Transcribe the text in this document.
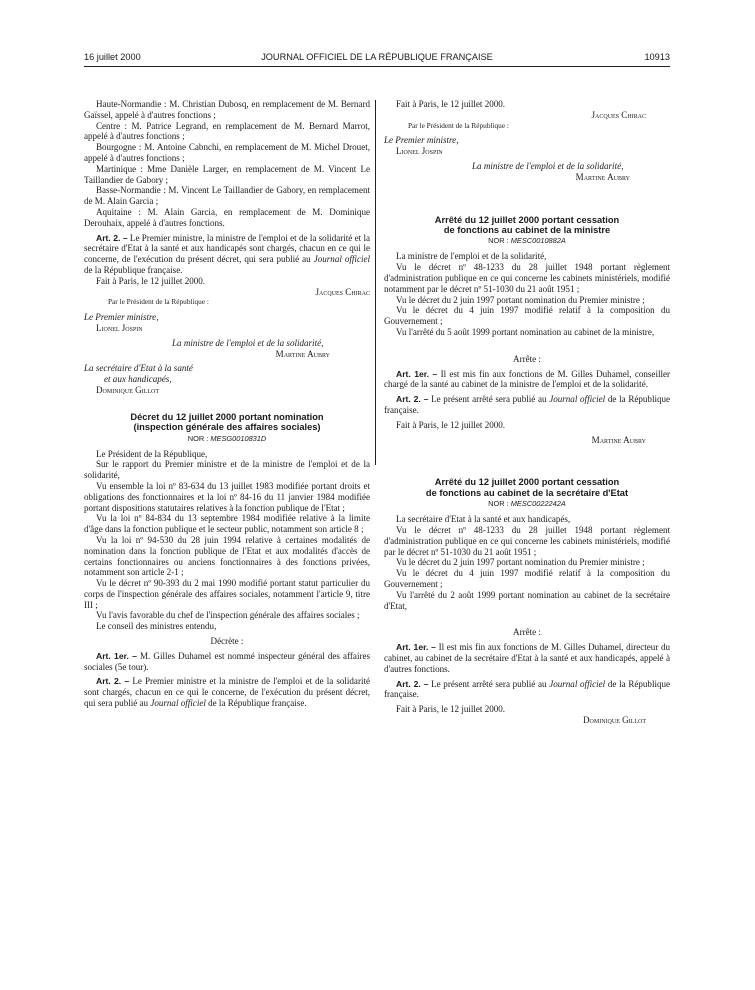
16 juillet 2000	JOURNAL OFFICIEL DE LA RÉPUBLIQUE FRANÇAISE	10913

Haute-Normandie : M. Christian Dubosq, en remplacement de M. Bernard Gaïssel, appelé à d'autres fonctions ;

Centre : M. Patrice Legrand, en remplacement de M. Bernard Marrot, appelé à d'autres fonctions ;

Bourgogne : M. Antoine Cabnchi, en remplacement de M. Michel Drouet, appelé à d'autres fonctions ;

Martinique : Mme Danièle Larger, en remplacement de M. Vincent Le Taillandier de Gabory ;

Basse-Normandie : M. Vincent Le Taillandier de Gabory, en remplacement de M. Alain Garcia ;

Aquitaine : M. Alain Garcia, en remplacement de M. Dominique Derouhaix, appelé à d'autres fonctions.

Art. 2. – Le Premier ministre, la ministre de l'emploi et de la solidarité et la secrétaire d'Etat à la santé et aux handicapés sont chargés, chacun en ce qui le concerne, de l'exécution du présent décret, qui sera publié au Journal officiel de la République française.

Fait à Paris, le 12 juillet 2000.

Jacques Chirac

Par le Président de la République :

Le Premier ministre,

Lionel Jospin

La ministre de l'emploi et de la solidarité,

Martine Aubry

La secrétaire d'Etat à la santé

et aux handicapés,

Dominique Gillot

Décret du 12 juillet 2000 portant nomination

(inspection générale des affaires sociales)

NOR : MESG0010831D

Le Président de la République,

Sur le rapport du Premier ministre et de la ministre de l'emploi et de la solidarité,

Vu ensemble la loi nº 83-634 du 13 juillet 1983 modifiée portant droits et obligations des fonctionnaires et la loi nº 84-16 du 11 janvier 1984 modifiée portant dispositions statutaires relatives à la fonction publique de l'Etat ;

Vu la loi nº 84-834 du 13 septembre 1984 modifiée relative à la limite d'âge dans la fonction publique et le secteur public, notamment son article 8 ;

Vu la loi nº 94-530 du 28 juin 1994 relative à certaines modalités de nomination dans la fonction publique de l'Etat et aux modalités d'accès de certains fonctionnaires ou anciens fonctionnaires à des fonctions privées, notamment son article 2-1 ;

Vu le décret nº 90-393 du 2 mai 1990 modifié portant statut particulier du corps de l'inspection générale des affaires sociales, notamment l'article 9, titre III ;

Vu l'avis favorable du chef de l'inspection générale des affaires sociales ;

Le conseil des ministres entendu,

Décrète :

Art. 1er. – M. Gilles Duhamel est nommé inspecteur général des affaires sociales (5e tour).

Art. 2. – Le Premier ministre et la ministre de l'emploi et de la solidarité sont chargés, chacun en ce qui le concerne, de l'exécution du présent décret, qui sera publié au Journal officiel de la République française.

Fait à Paris, le 12 juillet 2000.

Jacques Chirac

Par le Président de la République :

Le Premier ministre,

Lionel Jospin

La ministre de l'emploi et de la solidarité,

Martine Aubry

Arrêté du 12 juillet 2000 portant cessation

de fonctions au cabinet de la ministre

NOR : MESC0010882A

La ministre de l'emploi et de la solidarité,

Vu le décret nº 48-1233 du 28 juillet 1948 portant règlement d'administration publique en ce qui concerne les cabinets ministériels, modifié notamment par le décret nº 51-1030 du 21 août 1951 ;

Vu le décret du 2 juin 1997 portant nomination du Premier ministre ;

Vu le décret du 4 juin 1997 modifié relatif à la composition du Gouvernement ;

Vu l'arrêté du 5 août 1999 portant nomination au cabinet de la ministre,

Arrête :

Art. 1er. – Il est mis fin aux fonctions de M. Gilles Duhamel, conseiller chargé de la santé au cabinet de la ministre de l'emploi et de la solidarité.

Art. 2. – Le présent arrêté sera publié au Journal officiel de la République française.

Fait à Paris, le 12 juillet 2000.

Martine Aubry

Arrêté du 12 juillet 2000 portant cessation

de fonctions au cabinet de la secrétaire d'Etat

NOR : MESC0022242A

La secrétaire d'Etat à la santé et aux handicapés,

Vu le décret nº 48-1233 du 28 juillet 1948 portant règlement d'administration publique en ce qui concerne les cabinets ministériels, modifié par le décret nº 51-1030 du 21 août 1951 ;

Vu le décret du 2 juin 1997 portant nomination du Premier ministre ;

Vu le décret du 4 juin 1997 modifié relatif à la composition du Gouvernement ;

Vu l'arrêté du 2 août 1999 portant nomination au cabinet de la secrétaire d'Etat,

Arrête :

Art. 1er. – Il est mis fin aux fonctions de M. Gilles Duhamel, directeur du cabinet, au cabinet de la secrétaire d'Etat à la santé et aux handicapés, appelé à d'autres fonctions.

Art. 2. – Le présent arrêté sera publié au Journal officiel de la République française.

Fait à Paris, le 12 juillet 2000.

Dominique Gillot
